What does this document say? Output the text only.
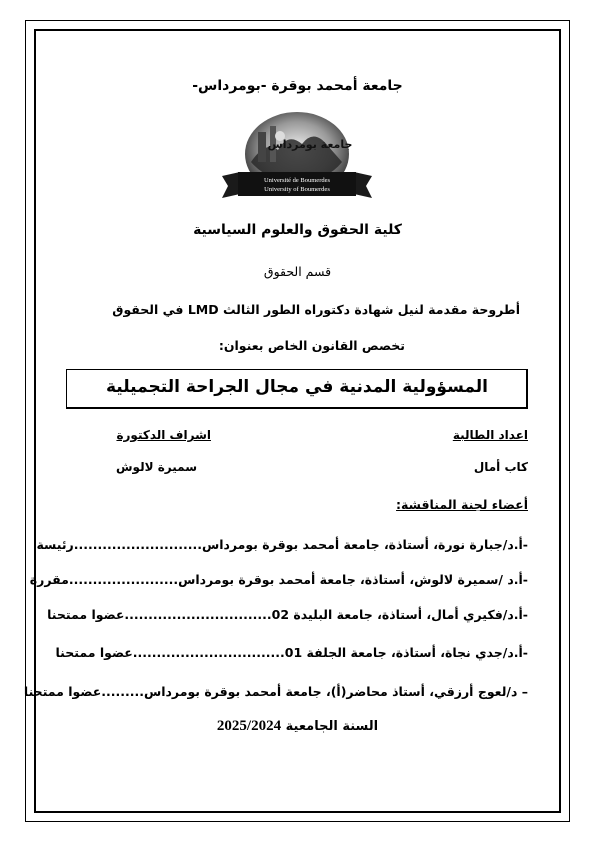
جامعة أمحمد بوقرة -بومرداس-
جامعة بومرداس
Université de Boumerdes
University of Boumerdes
كلية الحقوق والعلوم السياسية
قسم الحقوق
أطروحة مقدمة لنيل شهادة دكتوراه الطور الثالث LMD في الحقوق
تخصص القانون الخاص بعنوان:
المسؤولية المدنية في مجال الجراحة التجميلية
اعداد الطالبة
اشراف الدكتورة
كاب أمال
سميرة لالوش
أعضاء لجنة المناقشة:
-أ.د/جبارة نورة، أستاذة، جامعة أمحمد بوقرة بومرداس...........................رئيسة
-أ.د /سميرة لالوش، أستاذة، جامعة أمحمد بوقرة بومرداس.......................مقررة
-أ.د/فكيري أمال، أستاذة، جامعة البليدة 02...............................عضوا ممتحنا
-أ.د/جدي نجاة، أستاذة، جامعة الجلفة 01................................عضوا ممتحنا
– د/لعوج أرزقي، أستاذ محاضر(أ)، جامعة أمحمد بوقرة بومرداس.........عضوا ممتحنا
السنة الجامعية 2025/2024
